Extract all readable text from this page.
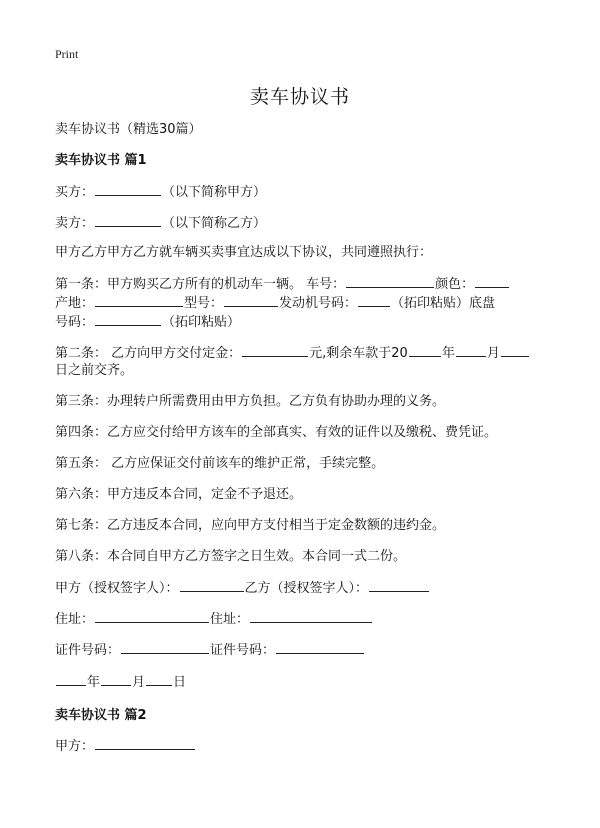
Print
卖车协议书
卖车协议书（精选30篇）
卖车协议书 篇1
买方：	（以下简称甲方）
卖方：	（以下简称乙方）
甲方乙方甲方乙方就车辆买卖事宜达成以下协议，共同遵照执行：
第一条：甲方购买乙方所有的机动车一辆。 车号：	颜色：
产地：	型号：	发动机号码：	（拓印粘贴）底盘
号码：	（拓印粘贴）
第二条： 乙方向甲方交付定金：	元,剩余车款于20	年 月
日之前交齐。
第三条：办理转户所需费用由甲方负担。乙方负有协助办理的义务。
第四条：乙方应交付给甲方该车的全部真实、有效的证件以及缴税、费凭证。
第五条： 乙方应保证交付前该车的维护正常，手续完整。
第六条：甲方违反本合同，定金不予退还。
第七条：乙方违反本合同，应向甲方支付相当于定金数额的违约金。
第八条：本合同自甲方乙方签字之日生效。本合同一式二份。
甲方（授权签字人）：	乙方（授权签字人）：
住址：	住址：
证件号码：	证件号码：
年 月 日
卖车协议书 篇2
甲方：
